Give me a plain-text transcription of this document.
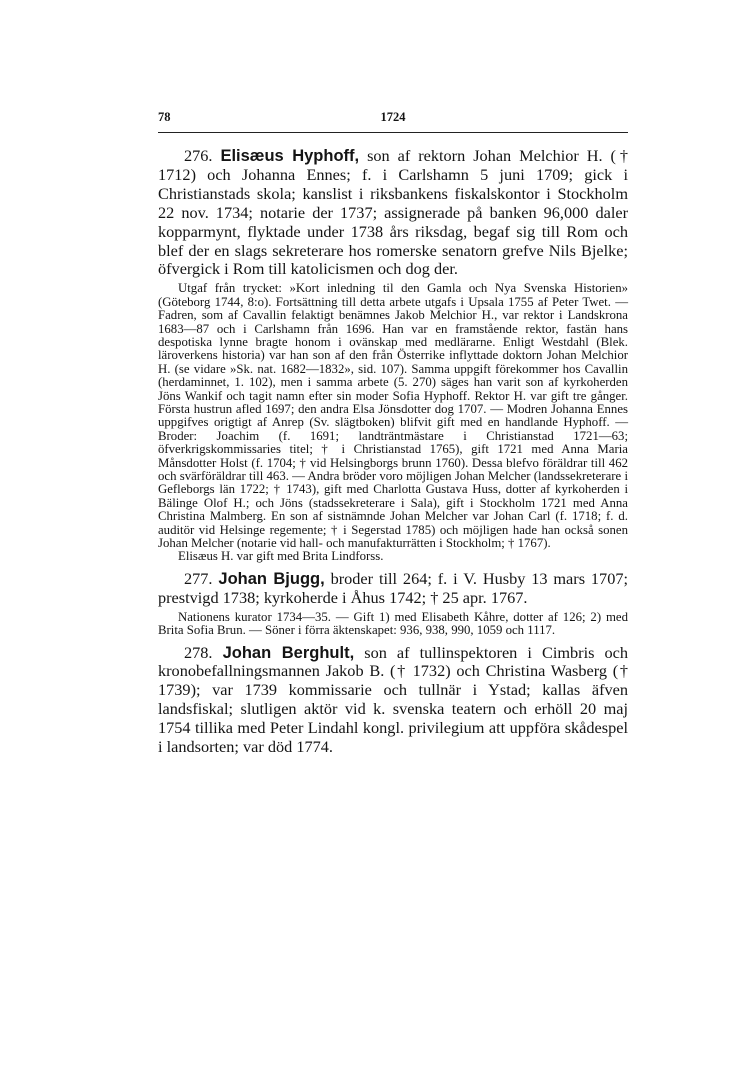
78	1724

276. Elisæus Hyphoff, son af rektorn Johan Melchior H. († 1712) och Johanna Ennes; f. i Carlshamn 5 juni 1709; gick i Christianstads skola; kanslist i riksbankens fiskalskontor i Stockholm 22 nov. 1734; notarie der 1737; assignerade på banken 96,000 daler kopparmynt, flyktade under 1738 års riksdag, begaf sig till Rom och blef der en slags sekreterare hos romerske senatorn grefve Nils Bjelke; öfvergick i Rom till katolicismen och dog der.

Utgaf från trycket: »Kort inledning til den Gamla och Nya Svenska Historien» (Göteborg 1744, 8:o). Fortsättning till detta arbete utgafs i Upsala 1755 af Peter Twet. — Fadren, som af Cavallin felaktigt benämnes Jakob Melchior H., var rektor i Landskrona 1683—87 och i Carlshamn från 1696. Han var en framstående rektor, fastän hans despotiska lynne bragte honom i ovänskap med medlärarne. Enligt Westdahl (Blek. läroverkens historia) var han son af den från Österrike inflyttade doktorn Johan Melchior H. (se vidare »Sk. nat. 1682—1832», sid. 107). Samma uppgift förekommer hos Cavallin (herdaminnet, 1. 102), men i samma arbete (5. 270) säges han varit son af kyrkoherden Jöns Wankif och tagit namn efter sin moder Sofia Hyphoff. Rektor H. var gift tre gånger. Första hustrun afled 1697; den andra Elsa Jönsdotter dog 1707. — Modren Johanna Ennes uppgifves origtigt af Anrep (Sv. slägtboken) blifvit gift med en handlande Hyphoff. — Broder: Joachim (f. 1691; landträntmästare i Christianstad 1721—63; öfverkrigskommissaries titel; † i Christianstad 1765), gift 1721 med Anna Maria Månsdotter Holst (f. 1704; † vid Helsingborgs brunn 1760). Dessa blefvo föräldrar till 462 och svärföräldrar till 463. — Andra bröder voro möjligen Johan Melcher (landssekreterare i Gefleborgs län 1722; † 1743), gift med Charlotta Gustava Huss, dotter af kyrkoherden i Bälinge Olof H.; och Jöns (stadssekreterare i Sala), gift i Stockholm 1721 med Anna Christina Malmberg. En son af sistnämnde Johan Melcher var Johan Carl (f. 1718; f. d. auditör vid Helsinge regemente; † i Segerstad 1785) och möjligen hade han också sonen Johan Melcher (notarie vid hall- och manufakturrätten i Stockholm; † 1767).

Elisæus H. var gift med Brita Lindforss.

277. Johan Bjugg, broder till 264; f. i V. Husby 13 mars 1707; prestvigd 1738; kyrkoherde i Åhus 1742; † 25 apr. 1767.

Nationens kurator 1734—35. — Gift 1) med Elisabeth Kåhre, dotter af 126; 2) med Brita Sofia Brun. — Söner i förra äktenskapet: 936, 938, 990, 1059 och 1117.

278. Johan Berghult, son af tullinspektoren i Cimbris och kronobefallningsmannen Jakob B. († 1732) och Christina Wasberg († 1739); var 1739 kommissarie och tullnär i Ystad; kallas äfven landsfiskal; slutligen aktör vid k. svenska teatern och erhöll 20 maj 1754 tillika med Peter Lindahl kongl. privilegium att uppföra skådespel i landsorten; var död 1774.
